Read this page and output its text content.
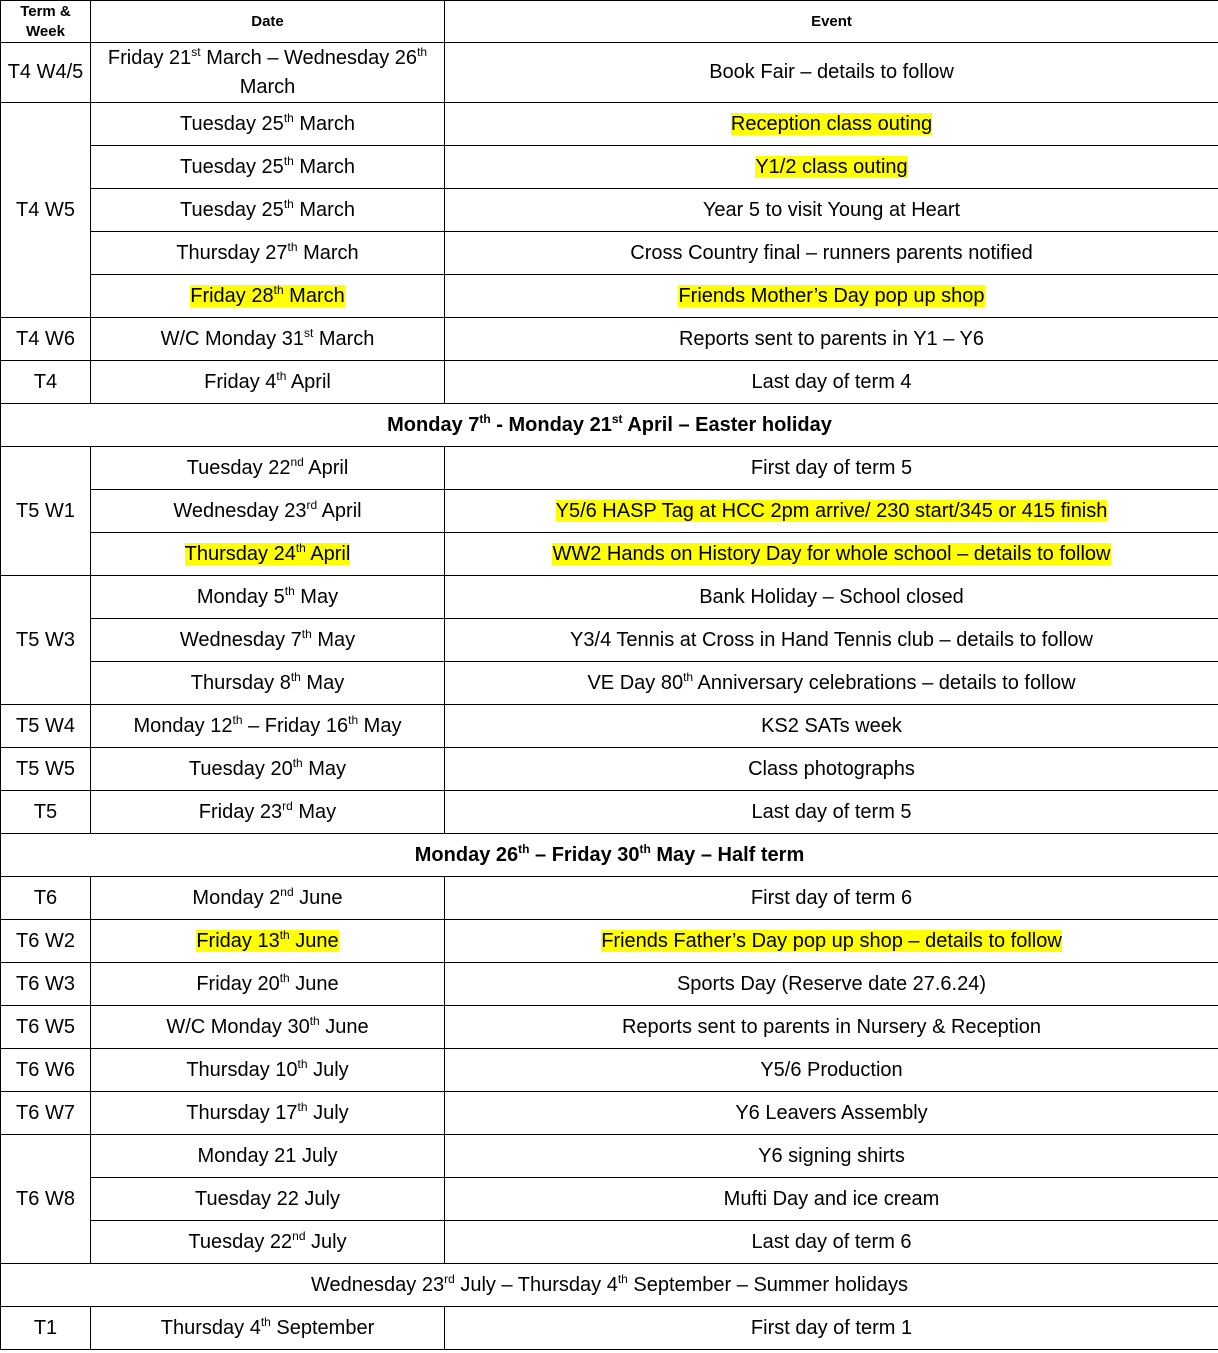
Term & Week	Date	Event
T4 W4/5	Friday 21st March – Wednesday 26th March	Book Fair – details to follow
T4 W5	Tuesday 25th March	Reception class outing
	Tuesday 25th March	Y1/2 class outing
	Tuesday 25th March	Year 5 to visit Young at Heart
	Thursday 27th March	Cross Country final – runners parents notified
	Friday 28th March	Friends Mother’s Day pop up shop
T4 W6	W/C Monday 31st March	Reports sent to parents in Y1 – Y6
T4	Friday 4th April	Last day of term 4
Monday 7th - Monday 21st April – Easter holiday		
T5 W1	Tuesday 22nd April	First day of term 5
	Wednesday 23rd April	Y5/6 HASP Tag at HCC 2pm arrive/ 230 start/345 or 415 finish
	Thursday 24th April	WW2 Hands on History Day for whole school – details to follow
T5 W3	Monday 5th May	Bank Holiday – School closed
	Wednesday 7th May	Y3/4 Tennis at Cross in Hand Tennis club – details to follow
	Thursday 8th May	VE Day 80th Anniversary celebrations – details to follow
T5 W4	Monday 12th – Friday 16th May	KS2 SATs week
T5 W5	Tuesday 20th May	Class photographs
T5	Friday 23rd May	Last day of term 5
Monday 26th – Friday 30th May – Half term		
T6	Monday 2nd June	First day of term 6
T6 W2	Friday 13th June	Friends Father’s Day pop up shop – details to follow
T6 W3	Friday 20th June	Sports Day (Reserve date 27.6.24)
T6 W5	W/C Monday 30th June	Reports sent to parents in Nursery & Reception
T6 W6	Thursday 10th July	Y5/6 Production
T6 W7	Thursday 17th July	Y6 Leavers Assembly
T6 W8	Monday 21 July	Y6 signing shirts
	Tuesday 22 July	Mufti Day and ice cream
	Tuesday 22nd July	Last day of term 6
Wednesday 23rd July – Thursday 4th September – Summer holidays		
T1	Thursday 4th September	First day of term 1
